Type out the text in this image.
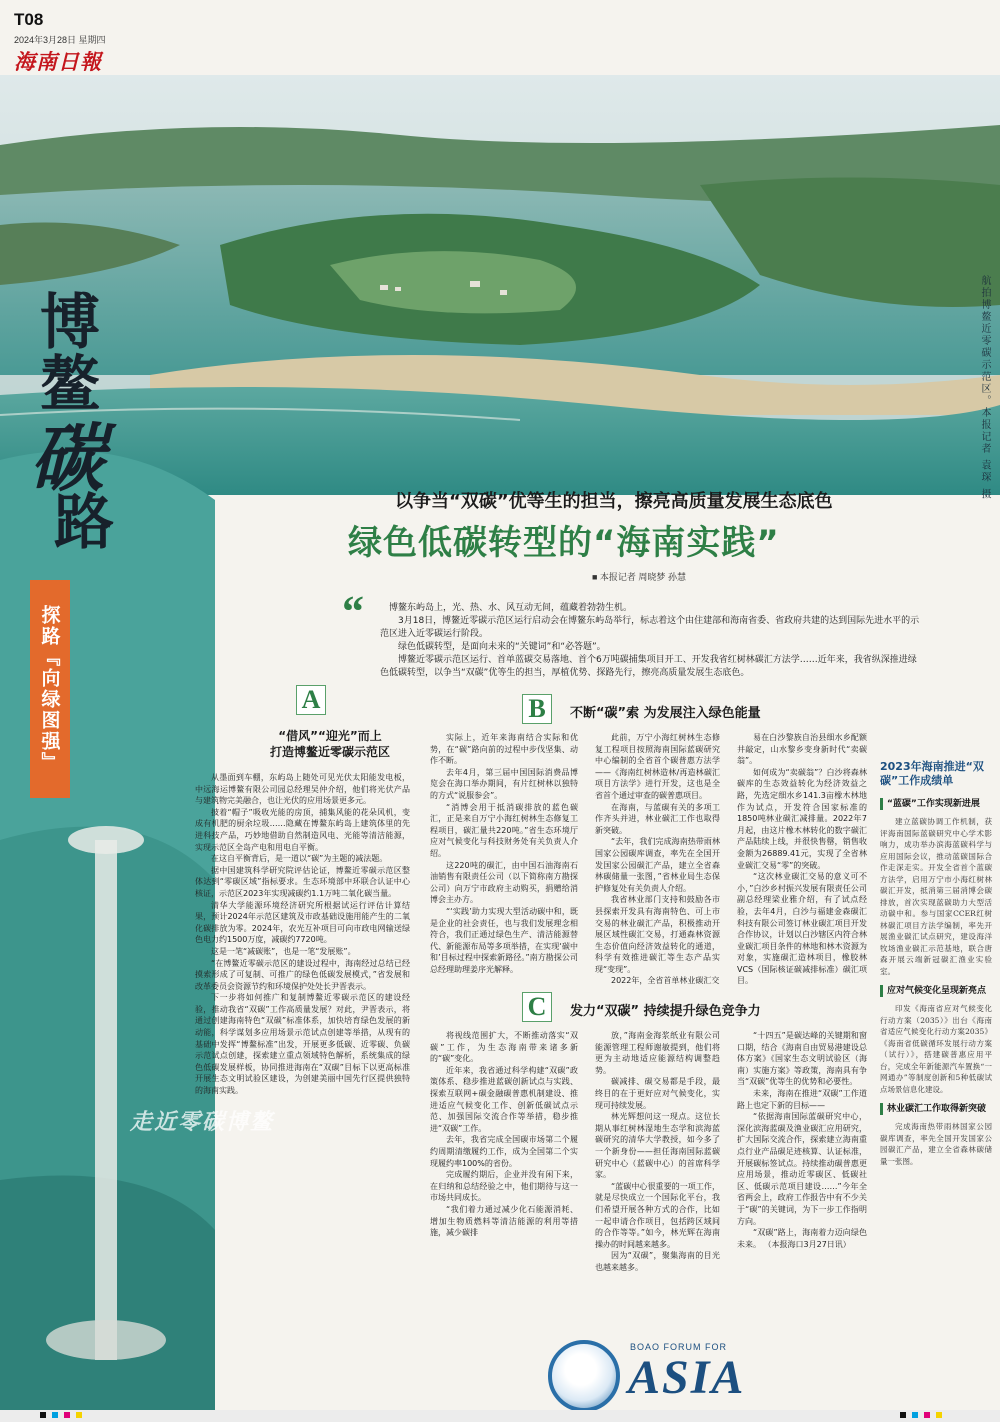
T08
2024年3月28日 星期四
海南日報
航拍博鳌近零碳示范区。本报记者 袁琛 摄
博鳌
碳
路
探路『向绿图强』
走近零碳博鳌
以争当“双碳”优等生的担当，擦亮高质量发展生态底色
绿色低碳转型的“海南实践”
■ 本报记者 周晓梦 孙慧
“	博鳌东屿岛上，光、热、水、风互动无间，蕴藏着勃勃生机。

3月18日，博鳌近零碳示范区运行启动会在博鳌东屿岛举行，标志着这个由住建部和海南省委、省政府共建的达到国际先进水平的示范区进入近零碳运行阶段。

绿色低碳转型，是面向未来的“关键词”和“必答题”。

博鳌近零碳示范区运行、首单蓝碳交易落地、首个6万吨碳捕集项目开工、开发我省红树林碳汇方法学……近年来，我省纵深推进绿色低碳转型，以争当“双碳”优等生的担当，厚植优势、探路先行，擦亮高质量发展生态底色。

A
“借风”“迎光”而上
打造博鳌近零碳示范区

从墨面到车棚，东屿岛上随处可见光伏太阳能发电板，中远海运博鳌有限公司园总经理吴仲介绍，他们将光伏产品与建筑物完美融合，也让光伏的应用场景更多元。

披着“帽子”吸收光能的房顶，捕集风能的花朵风机，变成有机肥的厨余垃圾……隐藏在博鳌东屿岛上建筑体里的先进科技产品，巧妙地借助自然制造风电、光能等清洁能源，实现示范区全岛产电和用电自平衡。

在这自平衡背后，是一道以“碳”为主题的减法题。

据中国建筑科学研究院评估论证，博鳌近零碳示范区整体达到“零碳区域”指标要求。生态环境部中环联合认证中心核证，示范区2023年实现减碳约1.1万吨二氧化碳当量。

清华大学能源环境经济研究所根据试运行评估计算结果，预计2024年示范区建筑及市政基础设施用能产生的二氧化碳排放为零。2024年，农光互补项目可向市政电网输送绿色电力约1500万度，减碳约7720吨。

这是一笔“减碳账”，也是一笔“发展账”。

“在博鳌近零碳示范区的建设过程中，海南经过总结已经摸索形成了可复制、可推广的绿色低碳发展模式，”省发展和改革委员会资源节约和环境保护处处长尹晋表示。

下一步将如何推广和复制博鳌近零碳示范区的建设经验，推动我省“双碳”工作高质量发展？对此，尹晋表示，将通过创建海南特色“双碳”标准体系，加快培育绿色发展的新动能，科学谋划多应用场景示范试点创建等举措，从现有的基础中发挥“博鳌标准”出发，开展更多低碳、近零碳、负碳示范试点创建，探索建立重点领域特色解析，系统集成的绿色低碳发展样板，协同推进海南在“双碳”目标下以更高标准开展生态文明试验区建设，为创建美丽中国先行区提供独特的海南实践。

B	不断“碳”索 为发展注入绿色能量

实际上，近年来海南结合实际和优势，在“碳”路向前的过程中步伐坚集、动作不断。

去年4月，第三届中国国际消费品博览会在海口举办期间，有片红树林以独特的方式“说服参会”。

“消博会用于抵消碳排放的蓝色碳汇，正是来自万宁小海红树林生态修复工程项目，碳汇量共220吨。”省生态环境厅应对气候变化与科技财务处有关负责人介绍。

这220吨的碳汇，由中国石油海南石油销售有限责任公司（以下简称南方勘探公司）向万宁市政府主动购买，捐赠给消博会主办方。

“‘实践’助力实现大型活动碳中和，既是企业的社会责任，也与我们发展理念相符合，我们正通过绿色生产、清洁能源替代、新能源布局等多项举措，在实现‘碳中和’目标过程中探索新路径。”南方勘探公司总经理助理姜序光解释。

此前，万宁小海红树林生态修复工程项目按照海南国际蓝碳研究中心编制的全省首个碳普惠方法学——《海南红树林造林/再造林碳汇项目方法学》进行开发，这也是全省首个通过审查的碳普惠项目。

在海南，与蓝碳有关的多项工作齐头并进，林业碳汇工作也取得新突破。

“去年，我们完成海南热带雨林国家公园碳库调查，率先在全国开发国家公园碳汇产品，建立全省森林碳储量一张图，”省林业局生态保护修复处有关负责人介绍。

我省林业部门支持和鼓励各市县探索开发具有海南特色、可上市交易的林业碳汇产品，积极推动开展区域性碳汇交易，打通森林资源生态价值向经济效益转化的通道，科学有效推进碳汇等生态产品实现“变现”。

2022年，全省首单林业碳汇交

易在白沙黎族自治县细水乡配额井敲定，山水黎乡变身新时代“卖碳翁”。

如何成为“卖碳翁”？白沙将森林碳库的生态效益转化为经济效益之路，先选定细水乡141.3亩橡木林地作为试点，开发符合国家标准的1850吨林业碳汇减排量。2022年7月起，由这片橡木林转化的数字碳汇产品陆续上线，并很快售罄，销售收金额为26889.41元，实现了全省林业碳汇交易“零”的突破。

“这次林业碳汇交易的意义可不小，”白沙乡村振兴发展有限责任公司副总经理梁业雅介绍，有了试点经验，去年4月，白沙与福建金森碳汇科技有限公司签订林业碳汇项目开发合作协议，计划以白沙辖区内符合林业碳汇项目条件的林地和林木资源为对象，实施碳汇造林项目，橡胶林VCS（国际核证碳减排标准）碳汇项目。

C	发力“双碳” 持续提升绿色竞争力

将视线范围扩大，不断推动落实“双碳”工作，为生态海南带来诸多新的“碳”变化。

近年来，我省通过科学构建“双碳”政策体系、稳步推进蓝碳创新试点与实践、探索互联网+碳金融碳普惠机制建设、推进适应气候变化工作、创新低碳试点示范、加强国际交流合作等举措，稳步推进“双碳”工作。

去年，我省完成全国碳市场第二个履约周期清缴履约工作，成为全国第二个实现履约率100%的省份。

完成履约期后，企业并没有闲下来，在归纳和总结经验之中，他们期待与这一市场共同成长。

“我们着力通过减少化石能源消耗、增加生物质燃料等清洁能源的利用等措施，减少碳排

放，”海南金海浆纸业有限公司能源管理工程师谢敏提到，他们将更为主动地适应能源结构调整趋势。

碳减排、碳交易都是手段，最终目的在于更好应对气候变化，实现可持续发展。

林光辉想问这一现点。这位长期从事红树林湿地生态学和滨海蓝碳研究的清华大学教授，如今多了一个新身份——担任海南国际蓝碳研究中心（蓝碳中心）的首席科学家。

“蓝碳中心很重要的一项工作，就是尽快成立一个国际化平台，我们希望开展各种方式的合作，比如一起申请合作项目，包括跨区域间的合作等等。”如今，林光辉在海南操办的时间越来越多。

因为“双碳”，聚集海南的目光也越来越多。

“十四五”是碳达峰的关键期和窗口期，结合《海南自由贸易港建设总体方案》《国家生态文明试验区（海南）实施方案》等政策，海南具有争当“双碳”优等生的优势和必要性。

未来，海南在推进“双碳”工作道路上也定下新的目标——

“依据海南国际蓝碳研究中心，深化滨海蓝碳及渔业碳汇应用研究，扩大国际交流合作，探索建立海南重点行业产品碳足迹核算、认证标准，开展碳标签试点。持续推动碳普惠更应用场景，推动近零碳区、低碳社区、低碳示范项目建设……”今年全省两会上，政府工作报告中有不少关于“碳”的关键词，为下一步工作指明方向。

“双碳”路上，海南着力迈向绿色未来。 （本报海口3月27日讯）

2023年海南推进“双碳”工作成绩单
“蓝碳”工作实现新进展
建立蓝碳协调工作机制，获评海南国际蓝碳研究中心学术影响力，成功举办滨海蓝碳科学与应用国际会议，推动蓝碳国际合作走深走实。开发全省首个蓝碳方法学，启用万宁市小海红树林碳汇开发，抵消第三届消博会碳排放，首次实现蓝碳助力大型活动碳中和。参与国家CCER红树林碳汇项目方法学编制，率先开展渔业碳汇试点研究，建设海洋牧场渔业碳汇示范基地，联合唐森开展云端新冠碳汇渔业实验室。
应对气候变化呈现新亮点
印发《海南省应对气候变化行动方案（2035）》出台《海南省适应气候变化行动方案2035》《海南省低碳循环发展行动方案（试行）》，搭建碳普惠应用平台，完成全年新能源汽车置换“一网通办”等制度创新和5种低碳试点场景信息化建设。
林业碳汇工作取得新突破
完成海南热带雨林国家公园碳库调查，率先全国开发国家公园碳汇产品，建立全省森林碳储量一张图。
BOAO FORUM FOR
ASIA
